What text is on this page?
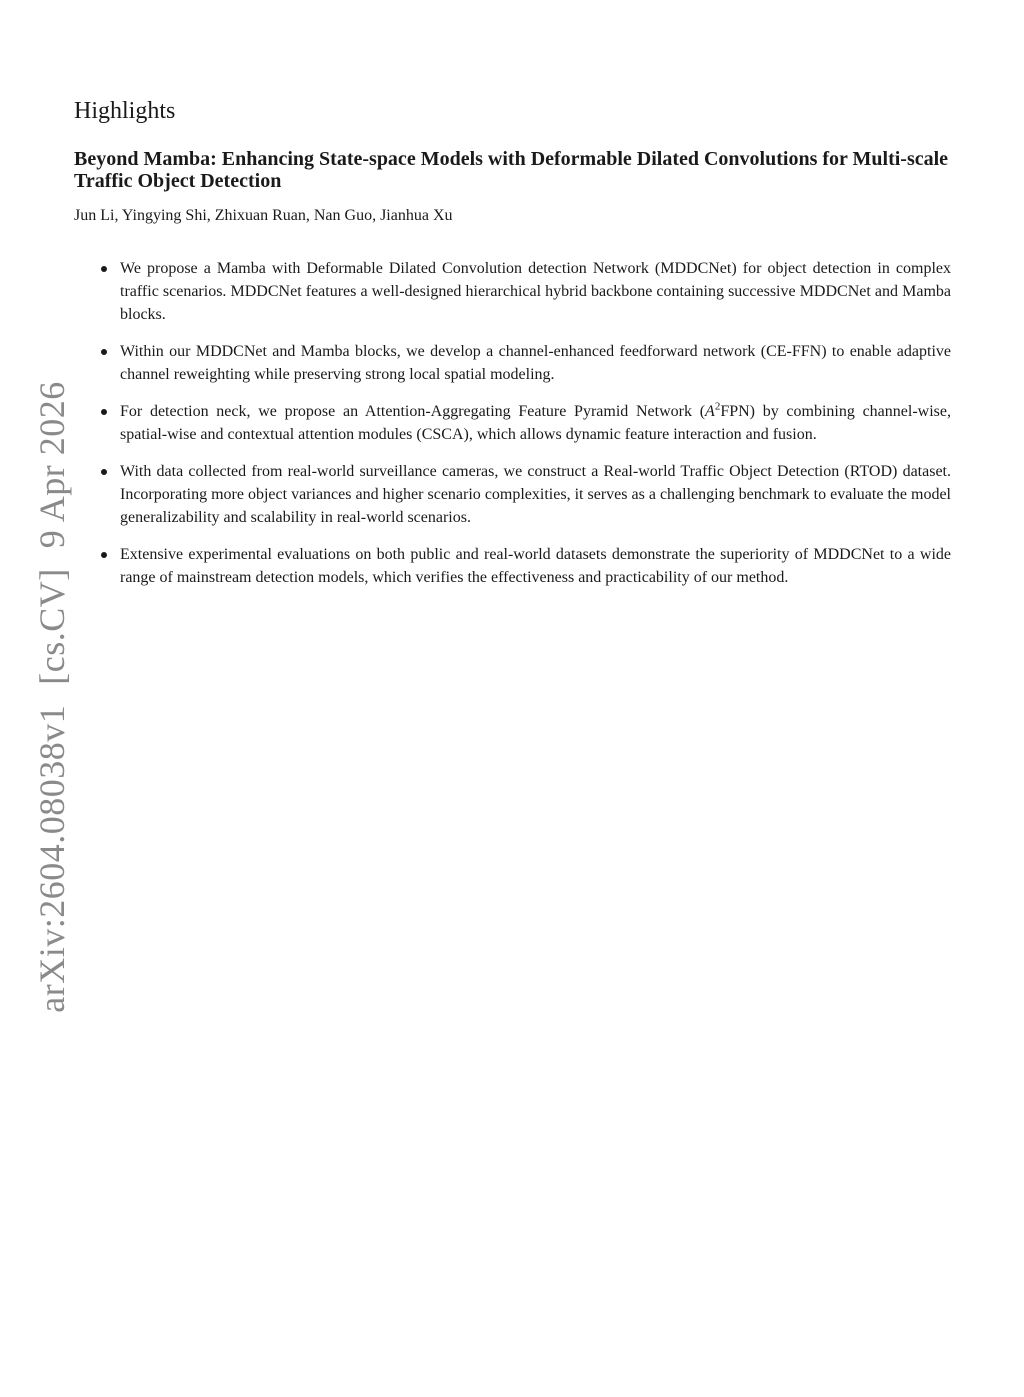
arXiv:2604.08038v1[cs.CV]9 Apr 2026
Highlights
Beyond Mamba: Enhancing State-space Models with Deformable Dilated Convolutions for Multi-scale Traffic Object Detection

Jun Li, Yingying Shi, Zhixuan Ruan, Nan Guo, Jianhua Xu

We propose a Mamba with Deformable Dilated Convolution detection Network (MDDCNet) for object detection in complex traffic scenarios. MDDCNet features a well-designed hierarchical hybrid backbone containing successive MDDCNet and Mamba blocks.
Within our MDDCNet and Mamba blocks, we develop a channel-enhanced feedforward network (CE-FFN) to enable adaptive channel reweighting while preserving strong local spatial modeling.
For detection neck, we propose an Attention-Aggregating Feature Pyramid Network $(A^2FPN)$ by combining channel-wise, spatial-wise and contextual attention modules (CSCA), which allows dynamic feature interaction and fusion.
With data collected from real-world surveillance cameras, we construct a Real-world Traffic Object Detection (RTOD) dataset. Incorporating more object variances and higher scenario complexities, it serves as a challenging benchmark to evaluate the model generalizability and scalability in real-world scenarios.
Extensive experimental evaluations on both public and real-world datasets demonstrate the superiority of MDDCNet to a wide range of mainstream detection models, which verifies the effectiveness and practicability of our method.
